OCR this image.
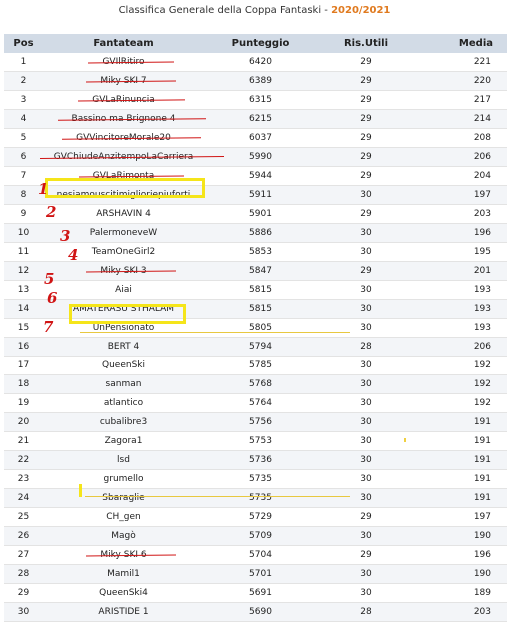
Classifica Generale della Coppa Fantaski - 2020/2021
Pos	Fantateam	Punteggio	Ris.Utili	Media
1	GVIlRitiro	6420	29	221
2	Miky SKI 7	6389	29	220
3	GVLaRinuncia	6315	29	217
4	Bassino ma Brignone 4	6215	29	214
5	GVVincitoreMorale20	6037	29	208
6	GVChiudeAnzitempoLaCarriera	5990	29	206
7	GVLaRimonta	5944	29	204
8	nesiamouscitimiglioriepiuforti	5911	30	197
9	ARSHAVIN 4	5901	29	203
10	PalermoneveW	5886	30	196
11	TeamOneGirl2	5853	30	195
12	Miky SKI 3	5847	29	201
13	Aiai	5815	30	193
14	AMATERASU STHALAM	5815	30	193
15	UnPensionato	5805	30	193
16	BERT 4	5794	28	206
17	QueenSki	5785	30	192
18	sanman	5768	30	192
19	atlantico	5764	30	192
20	cubalibre3	5756	30	191
21	Zagora1	5753	30	191
22	lsd	5736	30	191
23	grumello	5735	30	191
24	Sbaraglie	5735	30	191
25	CH_gen	5729	29	197
26	Magò	5709	30	190
27	Miky SKI 6	5704	29	196
28	Mamil1	5701	30	190
29	QueenSki4	5691	30	189
30	ARISTIDE 1	5690	28	203
1
2
3
4
5
6
7
